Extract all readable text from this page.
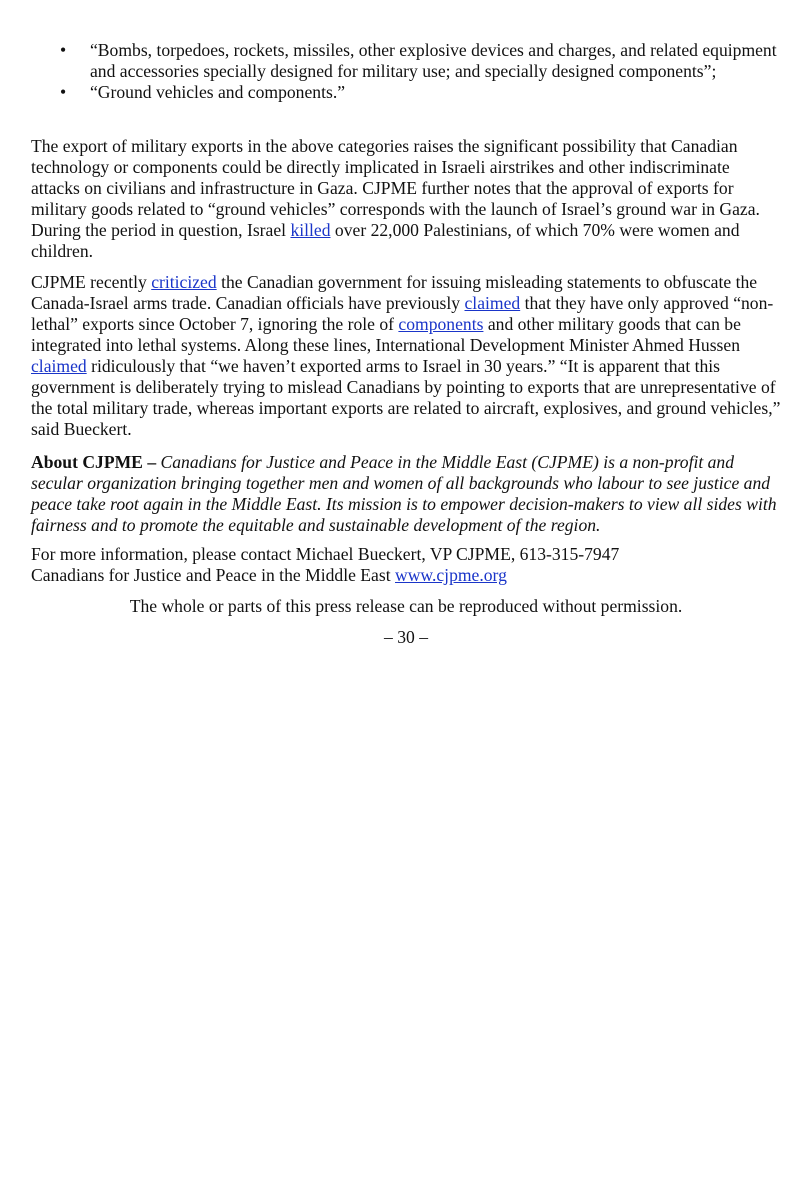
• “Bombs, torpedoes, rockets, missiles, other explosive devices and charges, and related equipment and accessories specially designed for military use; and specially designed components”;
• “Ground vehicles and components.”

The export of military exports in the above categories raises the significant possibility that Canadian technology or components could be directly implicated in Israeli airstrikes and other indiscriminate attacks on civilians and infrastructure in Gaza. CJPME further notes that the approval of exports for military goods related to “ground vehicles” corresponds with the launch of Israel’s ground war in Gaza. During the period in question, Israel killed over 22,000 Palestinians, of which 70% were women and children.

CJPME recently criticized the Canadian government for issuing misleading statements to obfuscate the Canada-Israel arms trade. Canadian officials have previously claimed that they have only approved “non-lethal” exports since October 7, ignoring the role of components and other military goods that can be integrated into lethal systems. Along these lines, International Development Minister Ahmed Hussen claimed ridiculously that “we haven’t exported arms to Israel in 30 years.” “It is apparent that this government is deliberately trying to mislead Canadians by pointing to exports that are unrepresentative of the total military trade, whereas important exports are related to aircraft, explosives, and ground vehicles,” said Bueckert.

About CJPME – Canadians for Justice and Peace in the Middle East (CJPME) is a non-profit and secular organization bringing together men and women of all backgrounds who labour to see justice and peace take root again in the Middle East. Its mission is to empower decision-makers to view all sides with fairness and to promote the equitable and sustainable development of the region.

For more information, please contact Michael Bueckert, VP CJPME, 613-315-7947
Canadians for Justice and Peace in the Middle East www.cjpme.org

The whole or parts of this press release can be reproduced without permission.

– 30 –
